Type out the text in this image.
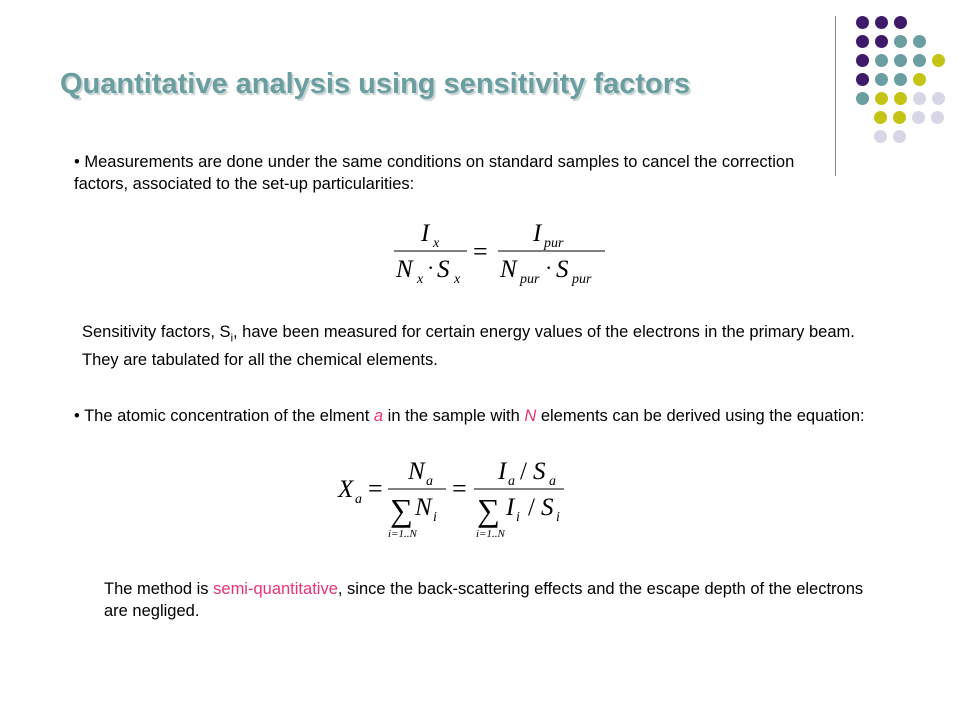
Quantitative analysis using sensitivity factors

• Measurements are done under the same conditions on standard samples to cancel the correction factors, associated to the set-up particularities:

I x
N x · S x
=
I pur
N pur · S pur

Sensitivity factors, $S_i$, have been measured for certain energy values of the electrons in the primary beam. They are tabulated for all the chemical elements.

• The atomic concentration of the elment a in the sample with N elements can be derived using the equation:

X a =
N a
∑ N i
i=1..N
=
I a / S a
∑ I i / S i
i=1..N

The method is semi-quantitative, since the back-scattering effects and the escape depth of the electrons are negliged.
